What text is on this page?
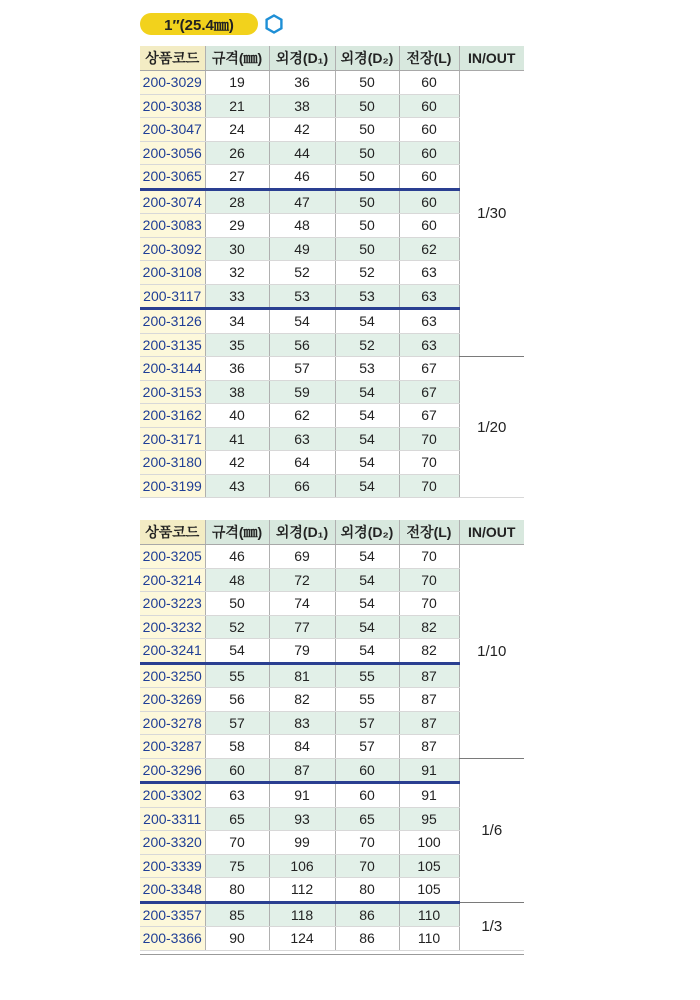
1″(25.4㎜)
상품코드	규격(㎜)	외경(D₁)	외경(D₂)	전장(L)	IN/OUT
200-3029	19	36	50	60	1/30
200-3038	21	38	50	60	
200-3047	24	42	50	60	
200-3056	26	44	50	60	
200-3065	27	46	50	60	
200-3074	28	47	50	60	
200-3083	29	48	50	60	
200-3092	30	49	50	62	
200-3108	32	52	52	63	
200-3117	33	53	53	63	
200-3126	34	54	54	63	
200-3135	35	56	52	63	
200-3144	36	57	53	67	1/20
200-3153	38	59	54	67	
200-3162	40	62	54	67	
200-3171	41	63	54	70	
200-3180	42	64	54	70	
200-3199	43	66	54	70	
상품코드	규격(㎜)	외경(D₁)	외경(D₂)	전장(L)	IN/OUT
200-3205	46	69	54	70	1/10
200-3214	48	72	54	70	
200-3223	50	74	54	70	
200-3232	52	77	54	82	
200-3241	54	79	54	82	
200-3250	55	81	55	87	
200-3269	56	82	55	87	
200-3278	57	83	57	87	
200-3287	58	84	57	87	
200-3296	60	87	60	91	1/6
200-3302	63	91	60	91	
200-3311	65	93	65	95	
200-3320	70	99	70	100	
200-3339	75	106	70	105	
200-3348	80	112	80	105	
200-3357	85	118	86	110	1/3
200-3366	90	124	86	110	
